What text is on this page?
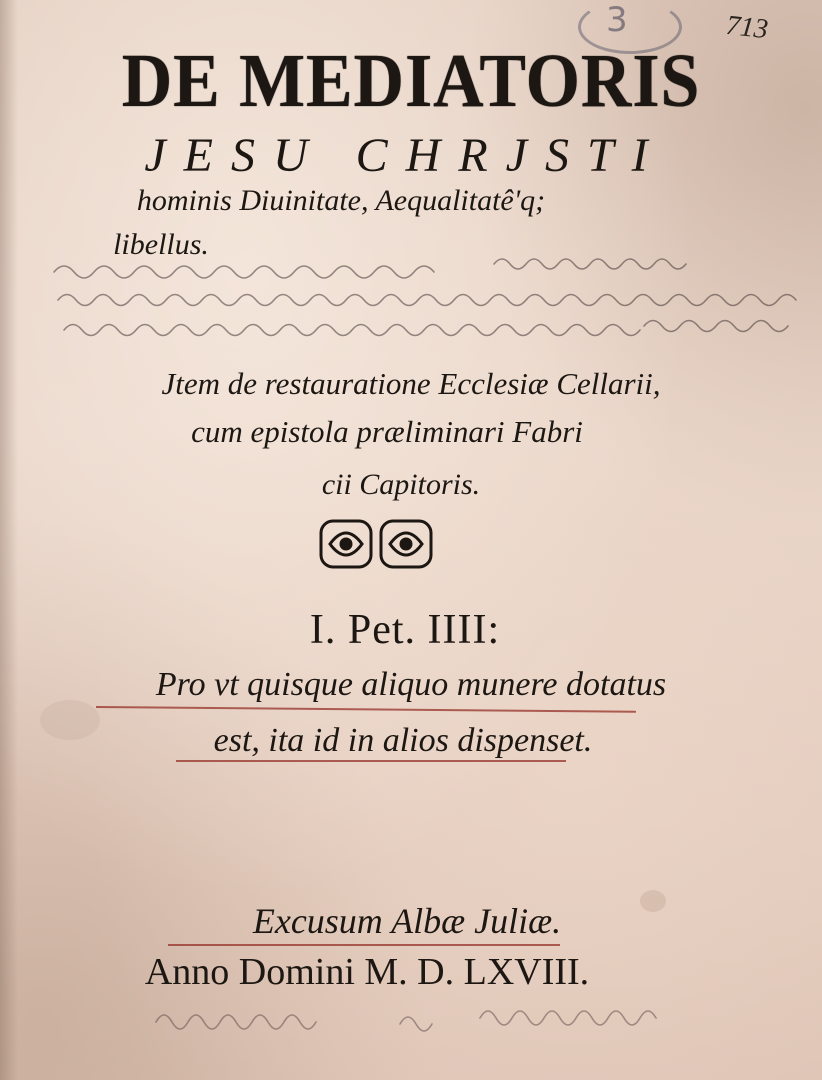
3	713
DE MEDIATORIS
JESU CHRJSTI
hominis Diuinitate, Aequalitatê'q;
libellus.
Jtem de restauratione Ecclesiæ Cellarii,
cum epistola præliminari Fabri
cii Capitoris.
I. Pet. IIII:
Pro vt quisque aliquo munere dotatus
est, ita id in alios dispenset.
Excusum Albæ Juliæ.
Anno Domini M. D. LXVIII.
